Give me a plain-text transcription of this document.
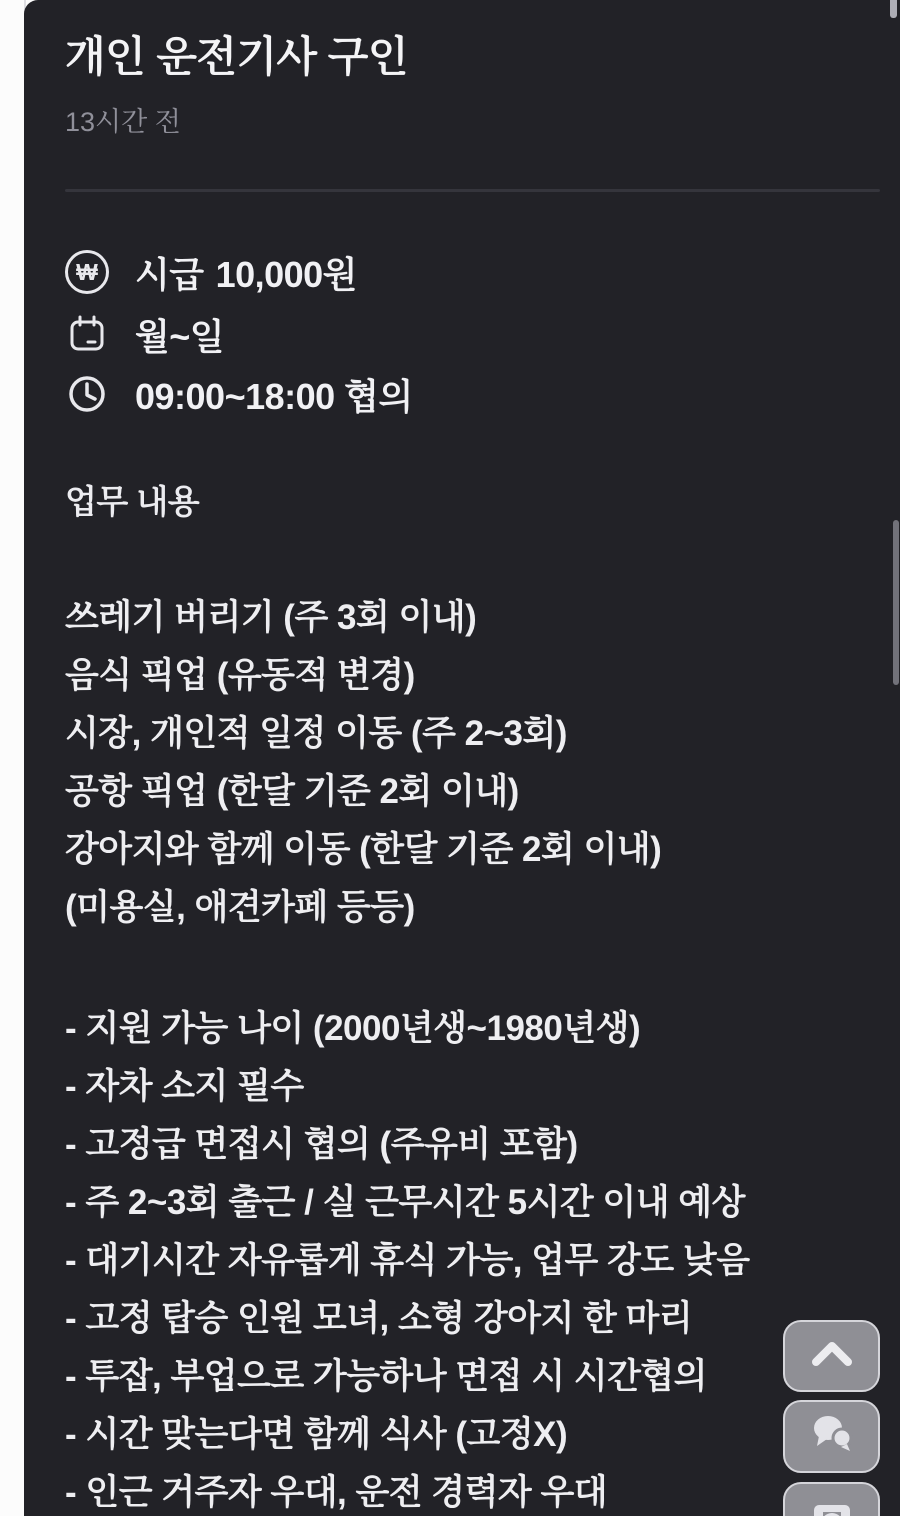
개인 운전기사 구인
13시간 전
₩ 시급 10,000원
월~일
09:00~18:00 협의
업무 내용
쓰레기 버리기 (주 3회 이내)
음식 픽업 (유동적 변경)
시장, 개인적 일정 이동 (주 2~3회)
공항 픽업 (한달 기준 2회 이내)
강아지와 함께 이동 (한달 기준 2회 이내)
(미용실, 애견카페 등등)
- 지원 가능 나이 (2000년생~1980년생)
- 자차 소지 필수
- 고정급 면접시 협의 (주유비 포함)
- 주 2~3회 출근 / 실 근무시간 5시간 이내 예상
- 대기시간 자유롭게 휴식 가능, 업무 강도 낮음
- 고정 탑승 인원 모녀, 소형 강아지 한 마리
- 투잡, 부업으로 가능하나 면접 시 시간협의
- 시간 맞는다면 함께 식사 (고정X)
- 인근 거주자 우대, 운전 경력자 우대
